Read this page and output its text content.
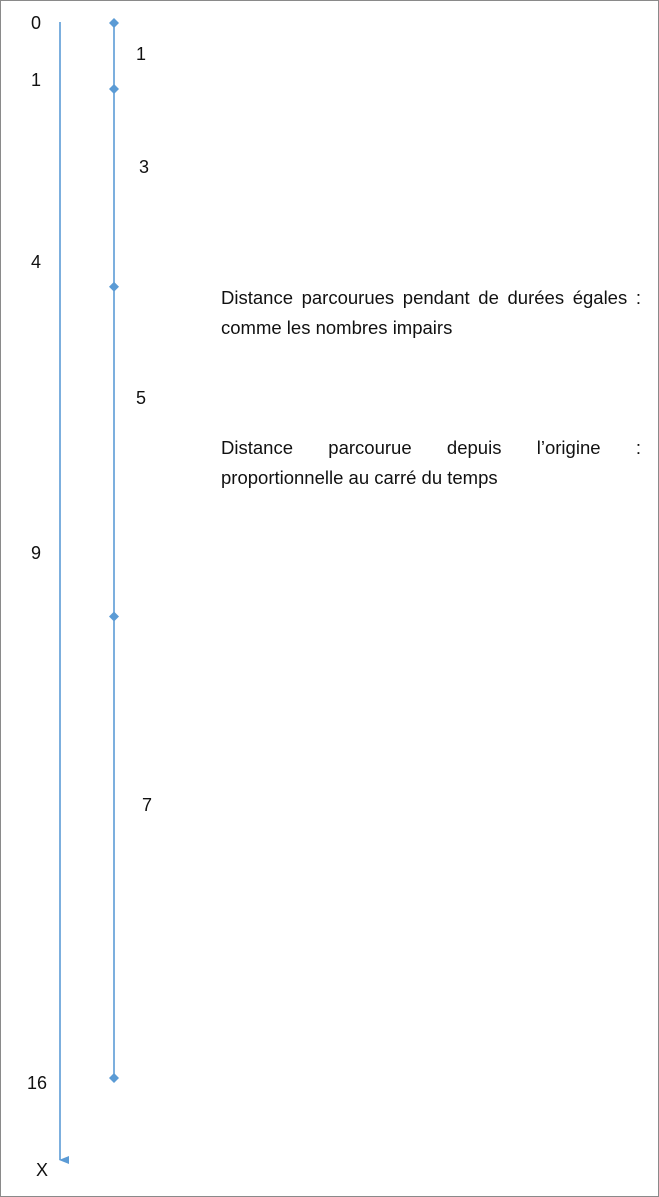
0
1
4
9
16
1
3
5
7
X
Distance parcourues pendant de durées égales : comme les nombres impairs
Distance parcourue depuis l’origine : proportionnelle au carré du temps
